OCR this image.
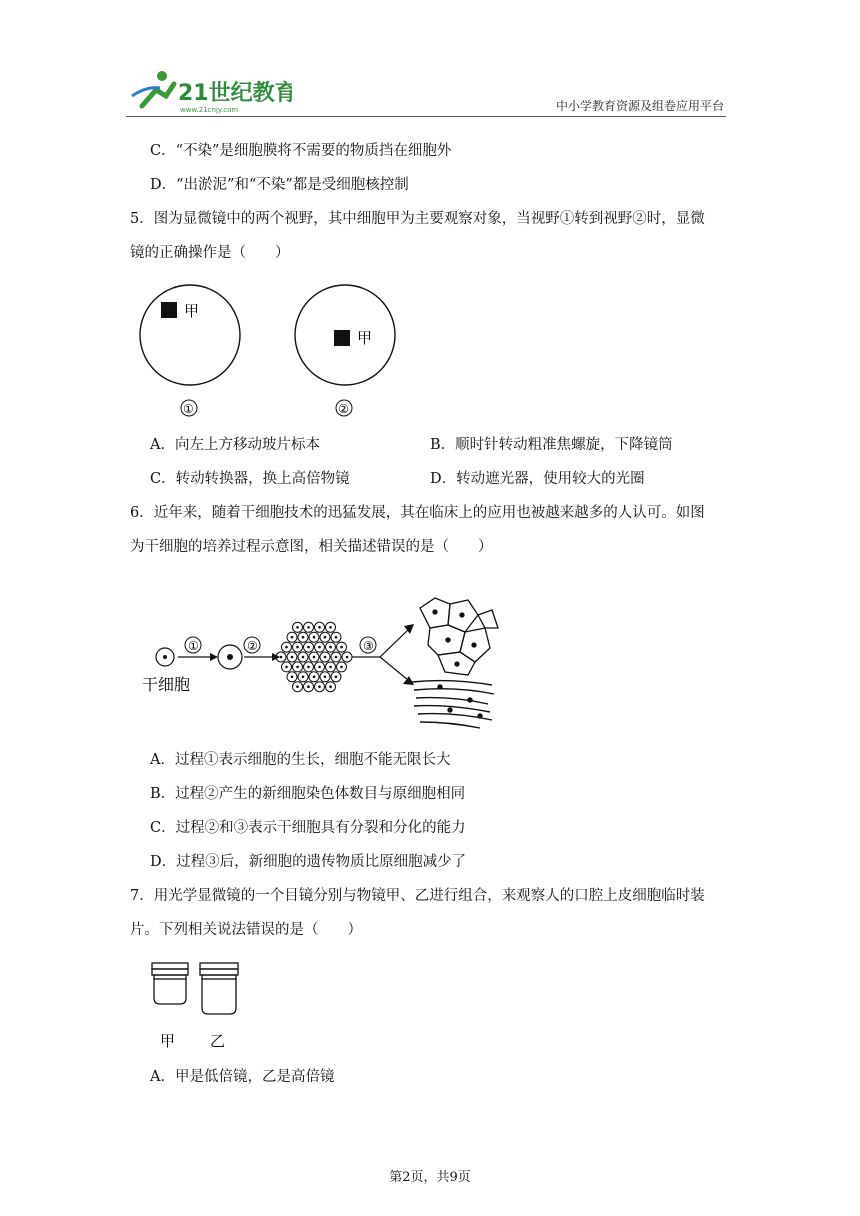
21世纪教育
www.21cnjy.com	中小学教育资源及组卷应用平台
C．“不染”是细胞膜将不需要的物质挡在细胞外
D．“出淤泥”和“不染”都是受细胞核控制
5．图为显微镜中的两个视野，其中细胞甲为主要观察对象，当视野①转到视野②时，显微
镜的正确操作是（　　）
甲
①
甲
②
A．向左上方移动玻片标本	B．顺时针转动粗准焦螺旋，下降镜筒
C．转动转换器，换上高倍物镜	D．转动遮光器，使用较大的光圈
6．近年来，随着干细胞技术的迅猛发展，其在临床上的应用也被越来越多的人认可。如图
为干细胞的培养过程示意图，相关描述错误的是（　　）
①	②	③
干细胞
A．过程①表示细胞的生长，细胞不能无限长大
B．过程②产生的新细胞染色体数目与原细胞相同
C．过程②和③表示干细胞具有分裂和分化的能力
D．过程③后，新细胞的遗传物质比原细胞减少了
7．用光学显微镜的一个目镜分别与物镜甲、乙进行组合，来观察人的口腔上皮细胞临时装
片。下列相关说法错误的是（　　）
甲 乙
A．甲是低倍镜，乙是高倍镜
第2页，共9页
